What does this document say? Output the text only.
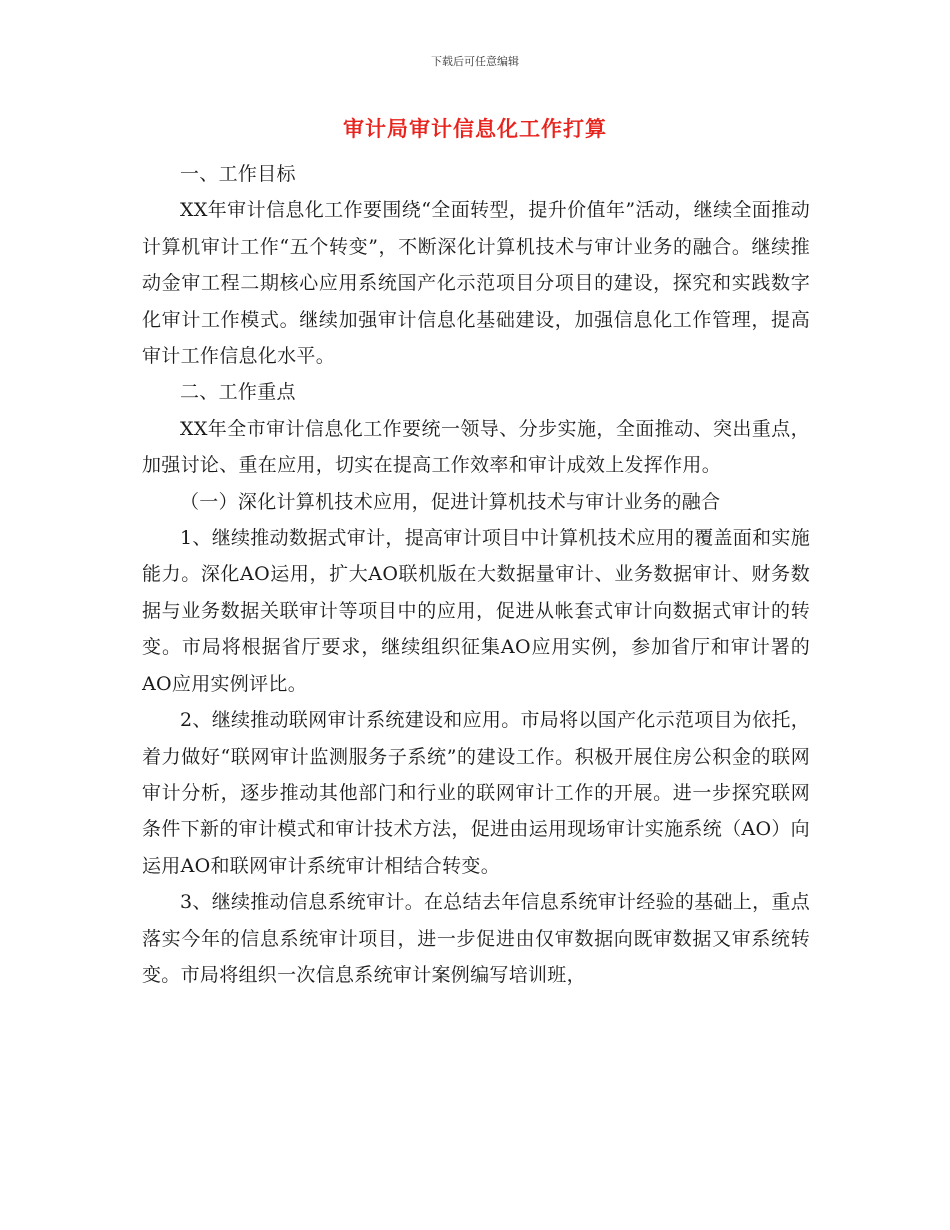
下载后可任意编辑
审计局审计信息化工作打算

一、工作目标

XX年审计信息化工作要围绕“全面转型，提升价值年”活动，继续全面推动计算机审计工作“五个转变”，不断深化计算机技术与审计业务的融合。继续推动金审工程二期核心应用系统国产化示范项目分项目的建设，探究和实践数字化审计工作模式。继续加强审计信息化基础建设，加强信息化工作管理，提高审计工作信息化水平。

二、工作重点

XX年全市审计信息化工作要统一领导、分步实施，全面推动、突出重点，加强讨论、重在应用，切实在提高工作效率和审计成效上发挥作用。

（一）深化计算机技术应用，促进计算机技术与审计业务的融合

1、继续推动数据式审计，提高审计项目中计算机技术应用的覆盖面和实施能力。深化AO运用，扩大AO联机版在大数据量审计、业务数据审计、财务数据与业务数据关联审计等项目中的应用，促进从帐套式审计向数据式审计的转变。市局将根据省厅要求，继续组织征集AO应用实例，参加省厅和审计署的AO应用实例评比。

2、继续推动联网审计系统建设和应用。市局将以国产化示范项目为依托，着力做好“联网审计监测服务子系统”的建设工作。积极开展住房公积金的联网审计分析，逐步推动其他部门和行业的联网审计工作的开展。进一步探究联网条件下新的审计模式和审计技术方法，促进由运用现场审计实施系统（AO）向运用AO和联网审计系统审计相结合转变。

3、继续推动信息系统审计。在总结去年信息系统审计经验的基础上，重点落实今年的信息系统审计项目，进一步促进由仅审数据向既审数据又审系统转变。市局将组织一次信息系统审计案例编写培训班，
